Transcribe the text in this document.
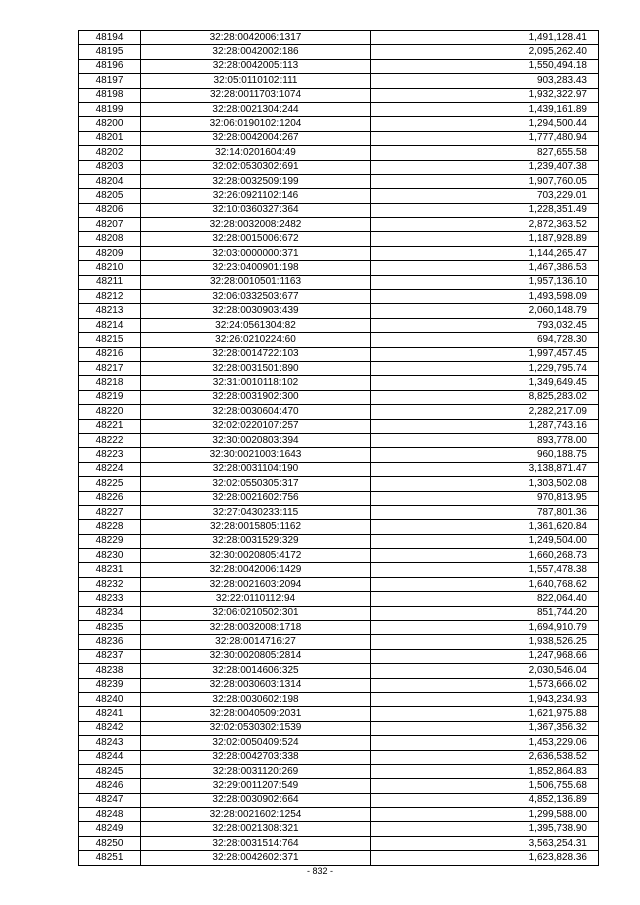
48194	32:28:0042006:1317	1,491,128.41
48195	32:28:0042002:186	2,095,262.40
48196	32:28:0042005:113	1,550,494.18
48197	32:05:0110102:111	903,283.43
48198	32:28:0011703:1074	1,932,322.97
48199	32:28:0021304:244	1,439,161.89
48200	32:06:0190102:1204	1,294,500.44
48201	32:28:0042004:267	1,777,480.94
48202	32:14:0201604:49	827,655.58
48203	32:02:0530302:691	1,239,407.38
48204	32:28:0032509:199	1,907,760.05
48205	32:26:0921102:146	703,229.01
48206	32:10:0360327:364	1,228,351.49
48207	32:28:0032008:2482	2,872,363.52
48208	32:28:0015006:672	1,187,928.89
48209	32:03:0000000:371	1,144,265.47
48210	32:23:0400901:198	1,467,386.53
48211	32:28:0010501:1163	1,957,136.10
48212	32:06:0332503:677	1,493,598.09
48213	32:28:0030903:439	2,060,148.79
48214	32:24:0561304:82	793,032.45
48215	32:26:0210224:60	694,728.30
48216	32:28:0014722:103	1,997,457.45
48217	32:28:0031501:890	1,229,795.74
48218	32:31:0010118:102	1,349,649.45
48219	32:28:0031902:300	8,825,283.02
48220	32:28:0030604:470	2,282,217.09
48221	32:02:0220107:257	1,287,743.16
48222	32:30:0020803:394	893,778.00
48223	32:30:0021003:1643	960,188.75
48224	32:28:0031104:190	3,138,871.47
48225	32:02:0550305:317	1,303,502.08
48226	32:28:0021602:756	970,813.95
48227	32:27:0430233:115	787,801.36
48228	32:28:0015805:1162	1,361,620.84
48229	32:28:0031529:329	1,249,504.00
48230	32:30:0020805:4172	1,660,268.73
48231	32:28:0042006:1429	1,557,478.38
48232	32:28:0021603:2094	1,640,768.62
48233	32:22:0110112:94	822,064.40
48234	32:06:0210502:301	851,744.20
48235	32:28:0032008:1718	1,694,910.79
48236	32:28:0014716:27	1,938,526.25
48237	32:30:0020805:2814	1,247,968.66
48238	32:28:0014606:325	2,030,546.04
48239	32:28:0030603:1314	1,573,666.02
48240	32:28:0030602:198	1,943,234.93
48241	32:28:0040509:2031	1,621,975.88
48242	32:02:0530302:1539	1,367,356.32
48243	32:02:0050409:524	1,453,229.06
48244	32:28:0042703:338	2,636,538.52
48245	32:28:0031120:269	1,852,864.83
48246	32:29:0011207:549	1,506,755.68
48247	32:28:0030902:664	4,852,136.89
48248	32:28:0021602:1254	1,299,588.00
48249	32:28:0021308:321	1,395,738.90
48250	32:28:0031514:764	3,563,254.31
48251	32:28:0042602:371	1,623,828.36
- 832 -
